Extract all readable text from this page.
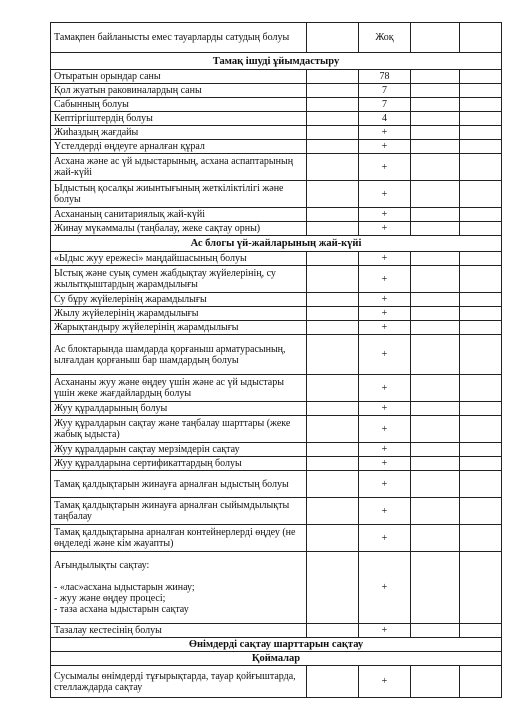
Тамақпен байланысты емес тауарларды сатудың болуы		Жоқ		
Тамақ ішуді ұйымдастыру				
Отыратын орындар саны		78		
Қол жуатын раковиналардың саны		7		
Сабынның болуы		7		
Кептіргіштердің болуы		4		
Жиһаздың жағдайы		+		
Үстелдерді өңдеуге арналған құрал		+		
Асхана және ас үй ыдыстарының, асхана аспаптарының жай-күйі		+		
Ыдыстың қосалқы жиынтығының жеткіліктілігі және болуы		+		
Асхананың санитариялық жай-күйі		+		
Жинау мүкәммалы (таңбалау, жеке сақтау орны)		+		
Ас блогы үй-жайларының жай-күйі				
«Ыдыс жуу ережесі» маңдайшасының болуы		+		
Ыстық және суық сумен жабдықтау жүйелерінің, су жылытқыштардың жарамдылығы		+		
Су бұру жүйелерінің жарамдылығы		+		
Жылу жүйелерінің жарамдылығы		+		
Жарықтандыру жүйелерінің жарамдылығы		+		
Ас блоктарында шамдарда қорғаныш арматурасының, ылғалдан қорғаныш бар шамдардың болуы		+		
Асхананы жуу және өңдеу үшін және ас үй ыдыстары үшін жеке жағдайлардың болуы		+		
Жуу құралдарының болуы		+		
Жуу құралдарын сақтау және таңбалау шарттары (жеке жабық ыдыста)		+		
Жуу құралдарын сақтау мерзімдерін сақтау		+		
Жуу құралдарына сертификаттардың болуы		+		
Тамақ қалдықтарын жинауға арналған ыдыстың болуы		+		
Тамақ қалдықтарын жинауға арналған сыйымдылықты таңбалау		+		
Тамақ қалдықтарына арналған контейнерлерді өңдеу (не өңделеді және кім жауапты)		+		
Ағындылықты сақтау:

- «лас»асхана ыдыстарын жинау;
- жуу және өңдеу процесі;
- таза асхана ыдыстарын сақтау		+		
Тазалау кестесінің болуы		+		
Өнімдерді сақтау шарттарын сақтау				
Қоймалар				
Сусымалы өнімдерді тұғырықтарда, тауар қойғыштарда, стеллаждарда сақтау		+		
